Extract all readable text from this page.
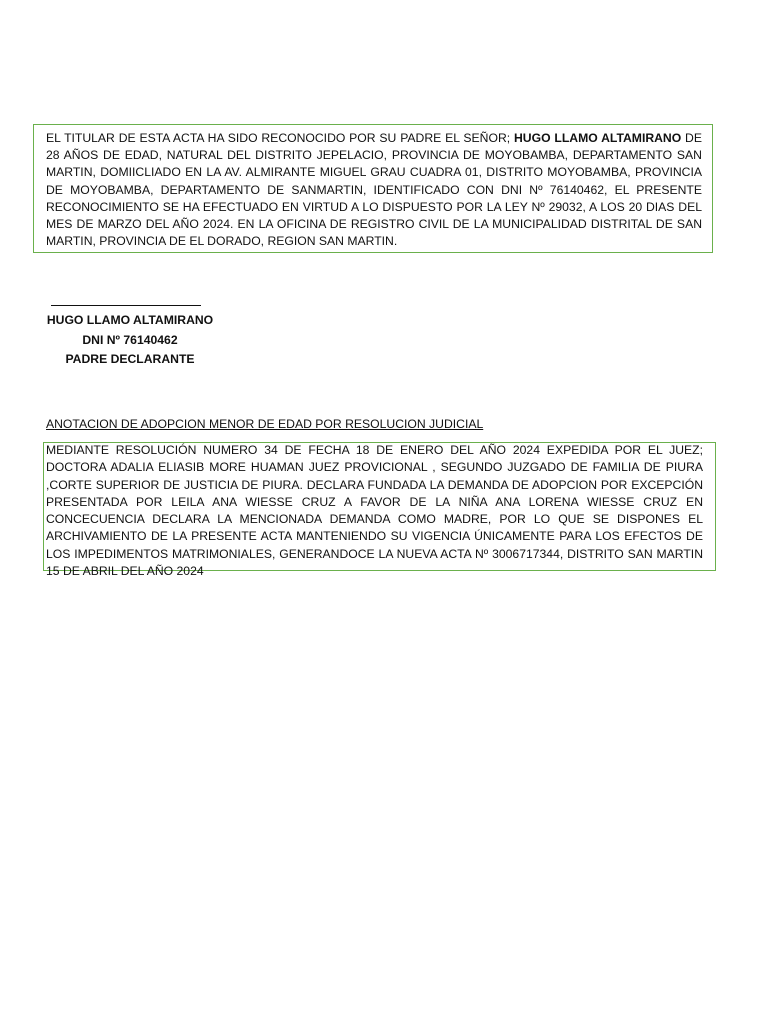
EL TITULAR DE ESTA ACTA HA SIDO RECONOCIDO POR SU PADRE EL SEÑOR; HUGO LLAMO ALTAMIRANO DE 28 AÑOS DE EDAD, NATURAL DEL DISTRITO JEPELACIO, PROVINCIA DE MOYOBAMBA, DEPARTAMENTO SAN MARTIN, DOMIICLIADO EN LA AV. ALMIRANTE MIGUEL GRAU CUADRA 01, DISTRITO MOYOBAMBA, PROVINCIA DE MOYOBAMBA, DEPARTAMENTO DE SANMARTIN, IDENTIFICADO CON DNI Nº 76140462, EL PRESENTE RECONOCIMIENTO SE HA EFECTUADO EN VIRTUD A LO DISPUESTO POR LA LEY Nº 29032, A LOS 20 DIAS DEL MES DE MARZO DEL AÑO 2024. EN LA OFICINA DE REGISTRO CIVIL DE LA MUNICIPALIDAD DISTRITAL DE SAN MARTIN, PROVINCIA DE EL DORADO, REGION SAN MARTIN.
HUGO LLAMO ALTAMIRANO
DNI Nº 76140462
PADRE DECLARANTE
ANOTACION DE ADOPCION MENOR DE EDAD POR RESOLUCION JUDICIAL
MEDIANTE RESOLUCIÓN NUMERO 34 DE FECHA 18 DE ENERO DEL AÑO 2024 EXPEDIDA POR EL JUEZ; DOCTORA ADALIA ELIASIB MORE HUAMAN JUEZ PROVICIONAL , SEGUNDO JUZGADO DE FAMILIA DE PIURA ,CORTE SUPERIOR DE JUSTICIA DE PIURA. DECLARA FUNDADA LA DEMANDA DE ADOPCION POR EXCEPCIÓN PRESENTADA POR LEILA ANA WIESSE CRUZ A FAVOR DE LA NIÑA ANA LORENA WIESSE CRUZ EN CONCECUENCIA DECLARA LA MENCIONADA DEMANDA COMO MADRE, POR LO QUE SE DISPONES EL ARCHIVAMIENTO DE LA PRESENTE ACTA MANTENIENDO SU VIGENCIA ÚNICAMENTE PARA LOS EFECTOS DE LOS IMPEDIMENTOS MATRIMONIALES, GENERANDOCE LA NUEVA ACTA Nº 3006717344, DISTRITO SAN MARTIN 15 DE ABRIL DEL AÑO 2024
